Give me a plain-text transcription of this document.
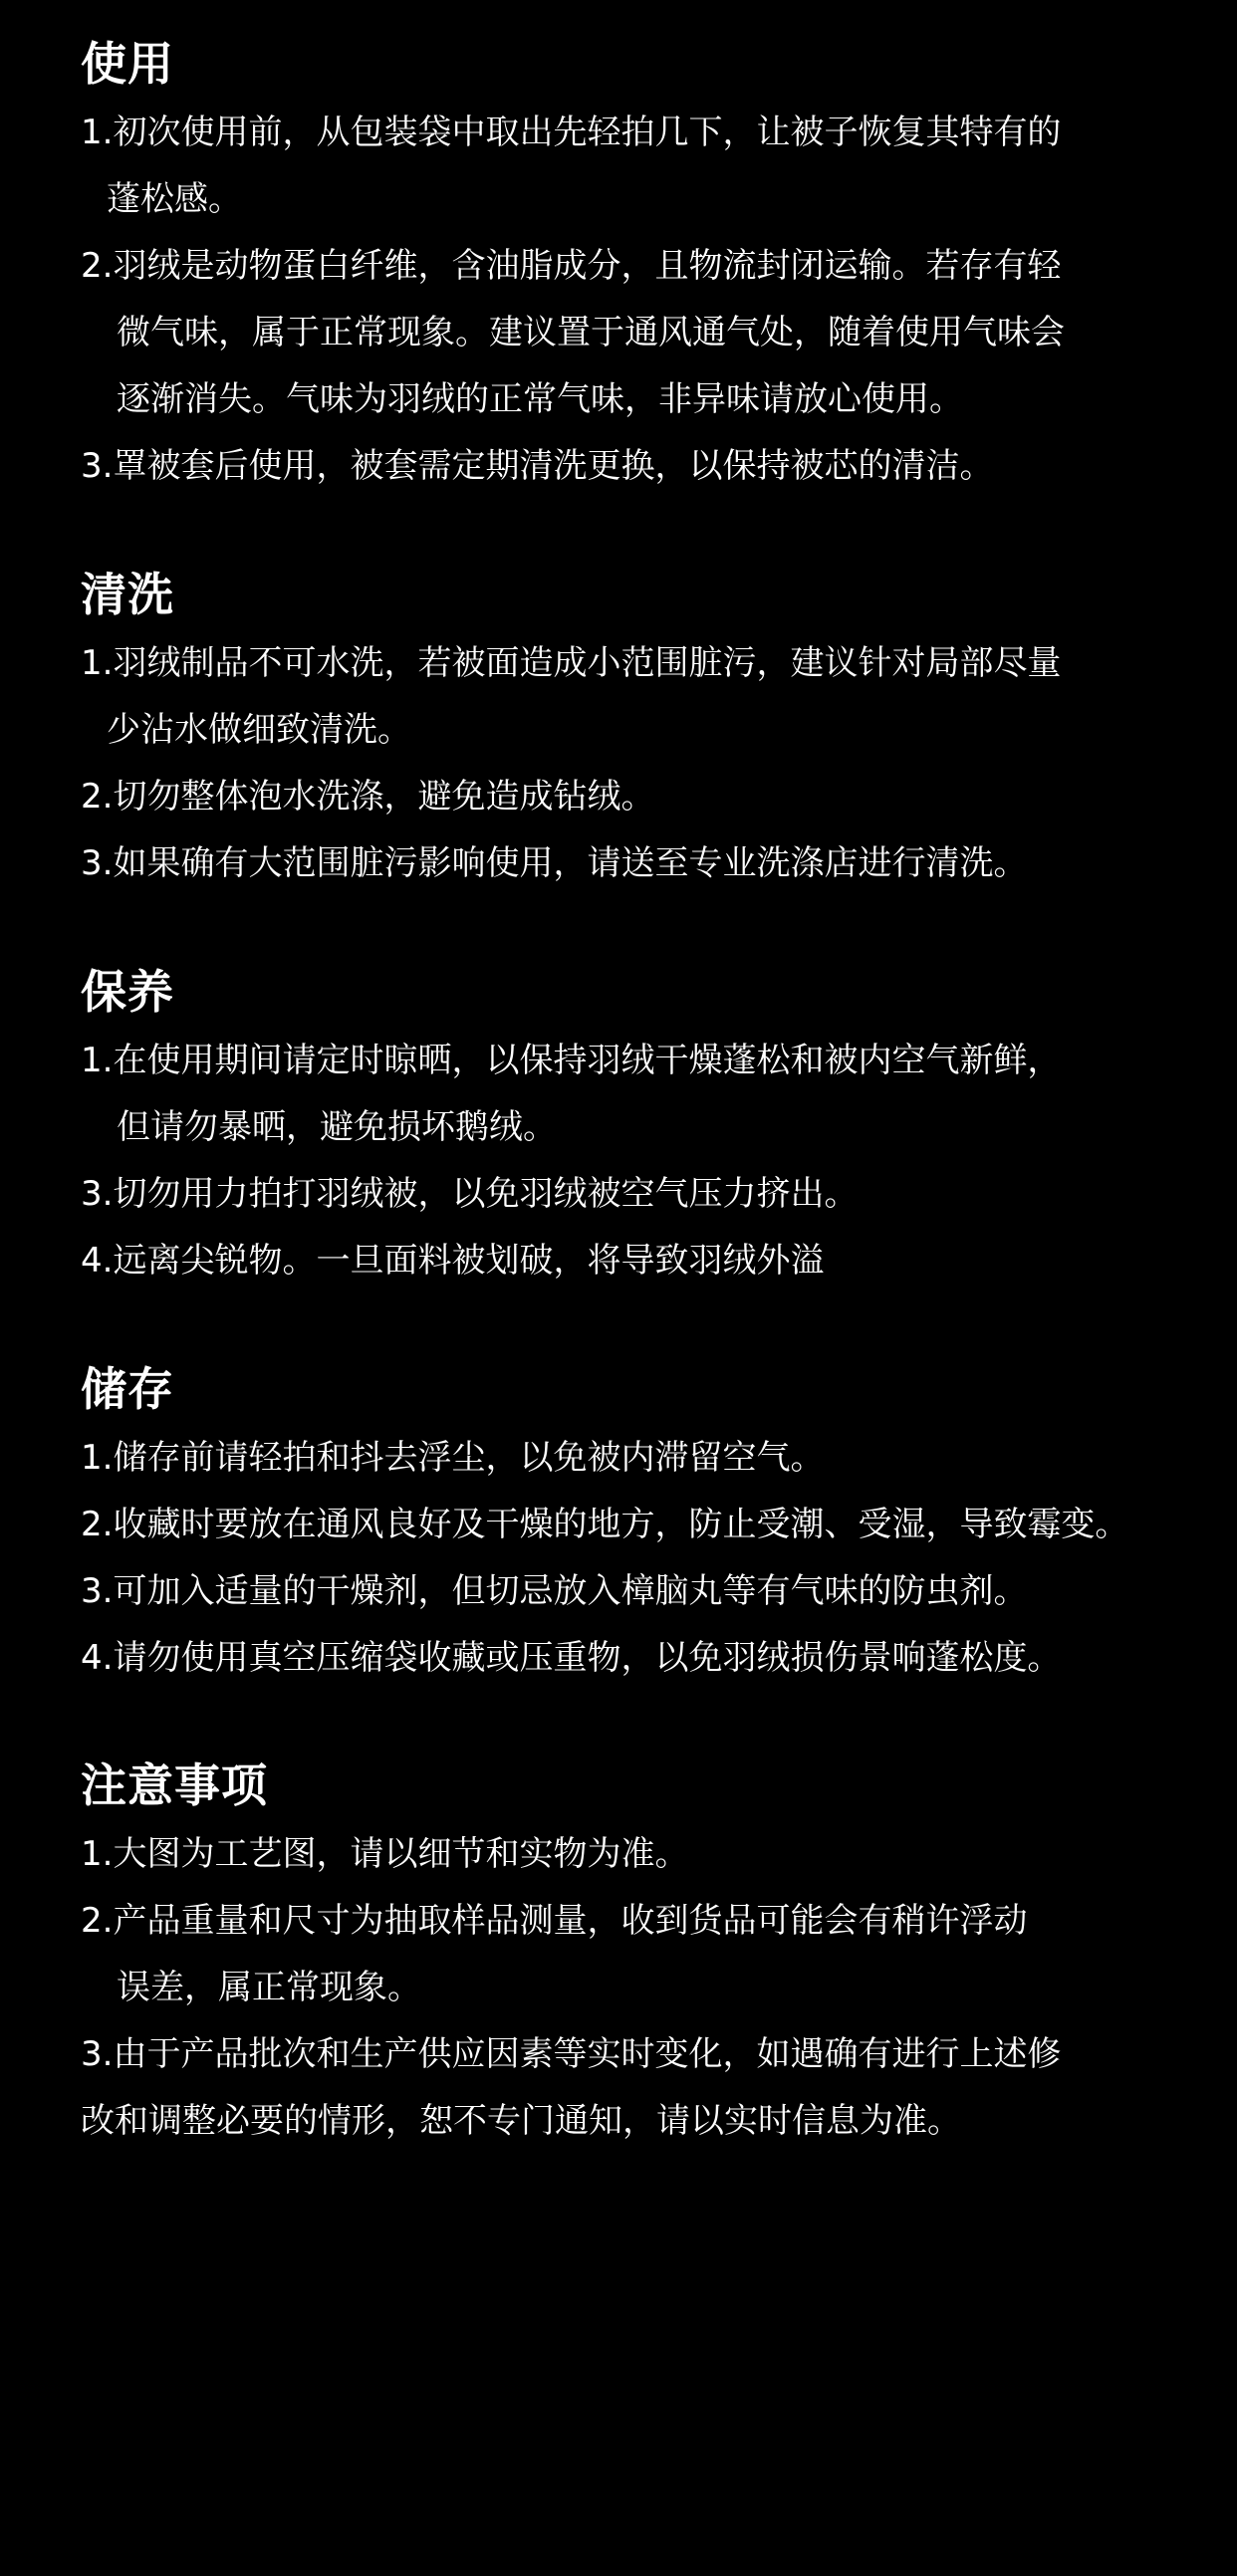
使用
1.初次使用前，从包装袋中取出先轻拍几下，让被子恢复其特有的
蓬松感。
2.羽绒是动物蛋白纤维，含油脂成分，且物流封闭运输。若存有轻
微气味，属于正常现象。建议置于通风通气处，随着使用气味会
逐渐消失。气味为羽绒的正常气味，非异味请放心使用。
3.罩被套后使用，被套需定期清洗更换，以保持被芯的清洁。
清洗
1.羽绒制品不可水洗，若被面造成小范围脏污，建议针对局部尽量
少沾水做细致清洗。
2.切勿整体泡水洗涤，避免造成钻绒。
3.如果确有大范围脏污影响使用，请送至专业洗涤店进行清洗。
保养
1.在使用期间请定时晾晒，以保持羽绒干燥蓬松和被内空气新鲜，
但请勿暴晒，避免损坏鹅绒。
3.切勿用力拍打羽绒被，以免羽绒被空气压力挤出。
4.远离尖锐物。一旦面料被划破，将导致羽绒外溢
储存
1.储存前请轻拍和抖去浮尘，以免被内滞留空气。
2.收藏时要放在通风良好及干燥的地方，防止受潮、受湿，导致霉变。
3.可加入适量的干燥剂，但切忌放入樟脑丸等有气味的防虫剂。
4.请勿使用真空压缩袋收藏或压重物，以免羽绒损伤景响蓬松度。
注意事项
1.大图为工艺图，请以细节和实物为准。
2.产品重量和尺寸为抽取样品测量，收到货品可能会有稍许浮动
误差，属正常现象。
3.由于产品批次和生产供应因素等实时变化，如遇确有进行上述修
改和调整必要的情形，恕不专门通知，请以实时信息为准。
